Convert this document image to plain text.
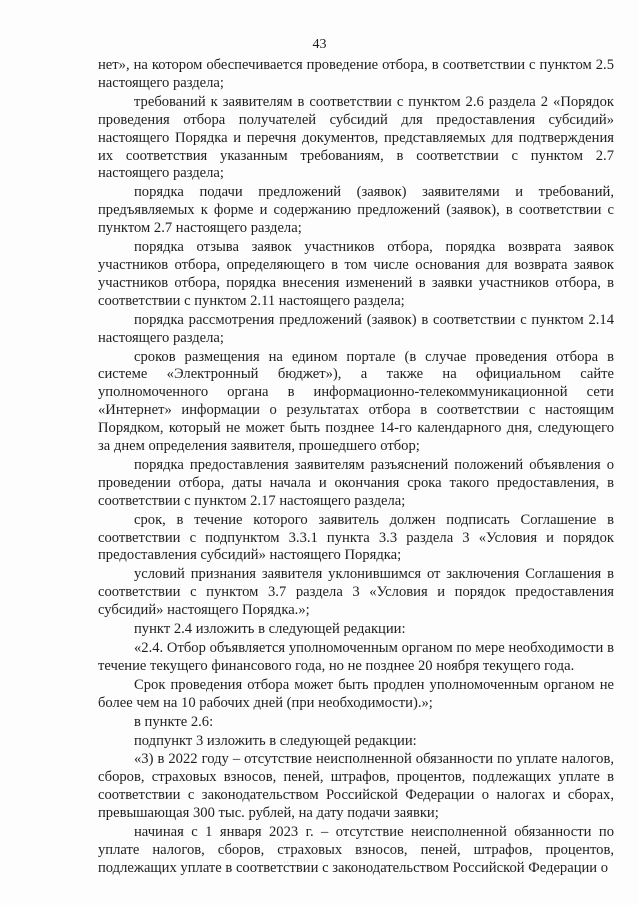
43

нет», на котором обеспечивается проведение отбора, в соответствии с пунктом 2.5 настоящего раздела;

требований к заявителям в соответствии с пунктом 2.6 раздела 2 «Порядок проведения отбора получателей субсидий для предоставления субсидий» настоящего Порядка и перечня документов, представляемых для подтверждения их соответствия указанным требованиям, в соответствии с пунктом 2.7 настоящего раздела;

порядка подачи предложений (заявок) заявителями и требований, предъявляемых к форме и содержанию предложений (заявок), в соответствии с пунктом 2.7 настоящего раздела;

порядка отзыва заявок участников отбора, порядка возврата заявок участников отбора, определяющего в том числе основания для возврата заявок участников отбора, порядка внесения изменений в заявки участников отбора, в соответствии с пунктом 2.11 настоящего раздела;

порядка рассмотрения предложений (заявок) в соответствии с пунктом 2.14 настоящего раздела;

сроков размещения на едином портале (в случае проведения отбора в системе «Электронный бюджет»), а также на официальном сайте уполномоченного органа в информационно-телекоммуникационной сети «Интернет» информации о результатах отбора в соответствии с настоящим Порядком, который не может быть позднее 14-го календарного дня, следующего за днем определения заявителя, прошедшего отбор;

порядка предоставления заявителям разъяснений положений объявления о проведении отбора, даты начала и окончания срока такого предоставления, в соответствии с пунктом 2.17 настоящего раздела;

срок, в течение которого заявитель должен подписать Соглашение в соответствии с подпунктом 3.3.1 пункта 3.3 раздела 3 «Условия и порядок предоставления субсидий» настоящего Порядка;

условий признания заявителя уклонившимся от заключения Соглашения в соответствии с пунктом 3.7 раздела 3 «Условия и порядок предоставления субсидий» настоящего Порядка.»;

пункт 2.4 изложить в следующей редакции:

«2.4. Отбор объявляется уполномоченным органом по мере необходимости в течение текущего финансового года, но не позднее 20 ноября текущего года.

Срок проведения отбора может быть продлен уполномоченным органом не более чем на 10 рабочих дней (при необходимости).»;

в пункте 2.6:

подпункт 3 изложить в следующей редакции:

«3) в 2022 году – отсутствие неисполненной обязанности по уплате налогов, сборов, страховых взносов, пеней, штрафов, процентов, подлежащих уплате в соответствии с законодательством Российской Федерации о налогах и сборах, превышающая 300 тыс. рублей, на дату подачи заявки;

начиная с 1 января 2023 г. – отсутствие неисполненной обязанности по уплате налогов, сборов, страховых взносов, пеней, штрафов, процентов, подлежащих уплате в соответствии с законодательством Российской Федерации о
